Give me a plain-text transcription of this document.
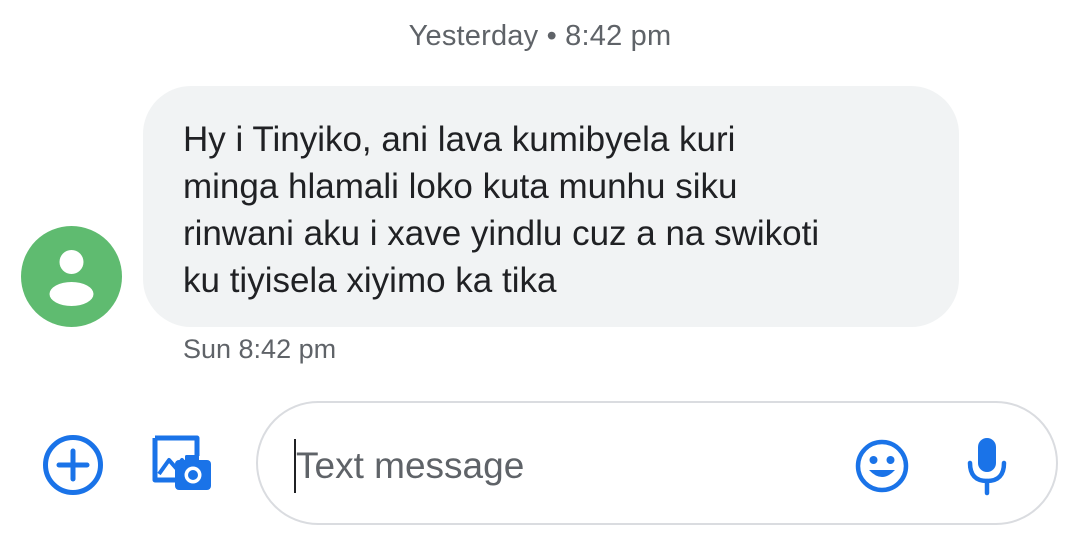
Yesterday • 8:42 pm
Hy i Tinyiko, ani lava kumibyela kuri
minga hlamali loko kuta munhu siku
rinwani aku i xave yindlu cuz a na swikoti
ku tiyisela xiyimo ka tika
Sun 8:42 pm
Text message
